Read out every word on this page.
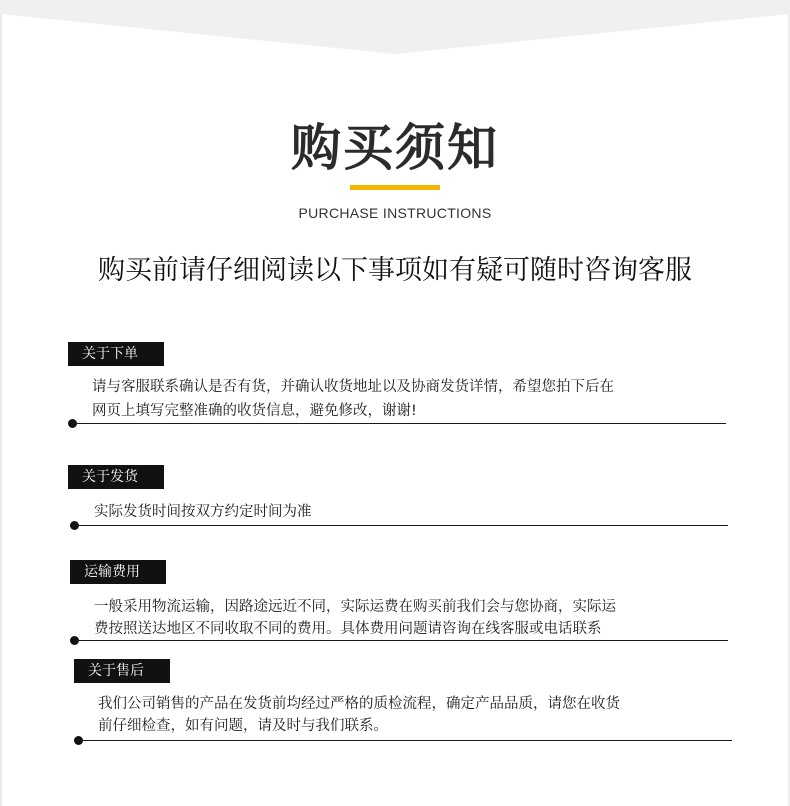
购买须知
PURCHASE INSTRUCTIONS
购买前请仔细阅读以下事项如有疑可随时咨询客服
关于下单
请与客服联系确认是否有货，并确认收货地址以及协商发货详情，希望您拍下后在
网页上填写完整准确的收货信息，避免修改，谢谢!
关于发货
实际发货时间按双方约定时间为准
运输费用
一般采用物流运输，因路途远近不同，实际运费在购买前我们会与您协商，实际运
费按照送达地区不同收取不同的费用。具体费用问题请咨询在线客服或电话联系
关于售后
我们公司销售的产品在发货前均经过严格的质检流程，确定产品品质，请您在收货
前仔细检查，如有问题，请及时与我们联系。
